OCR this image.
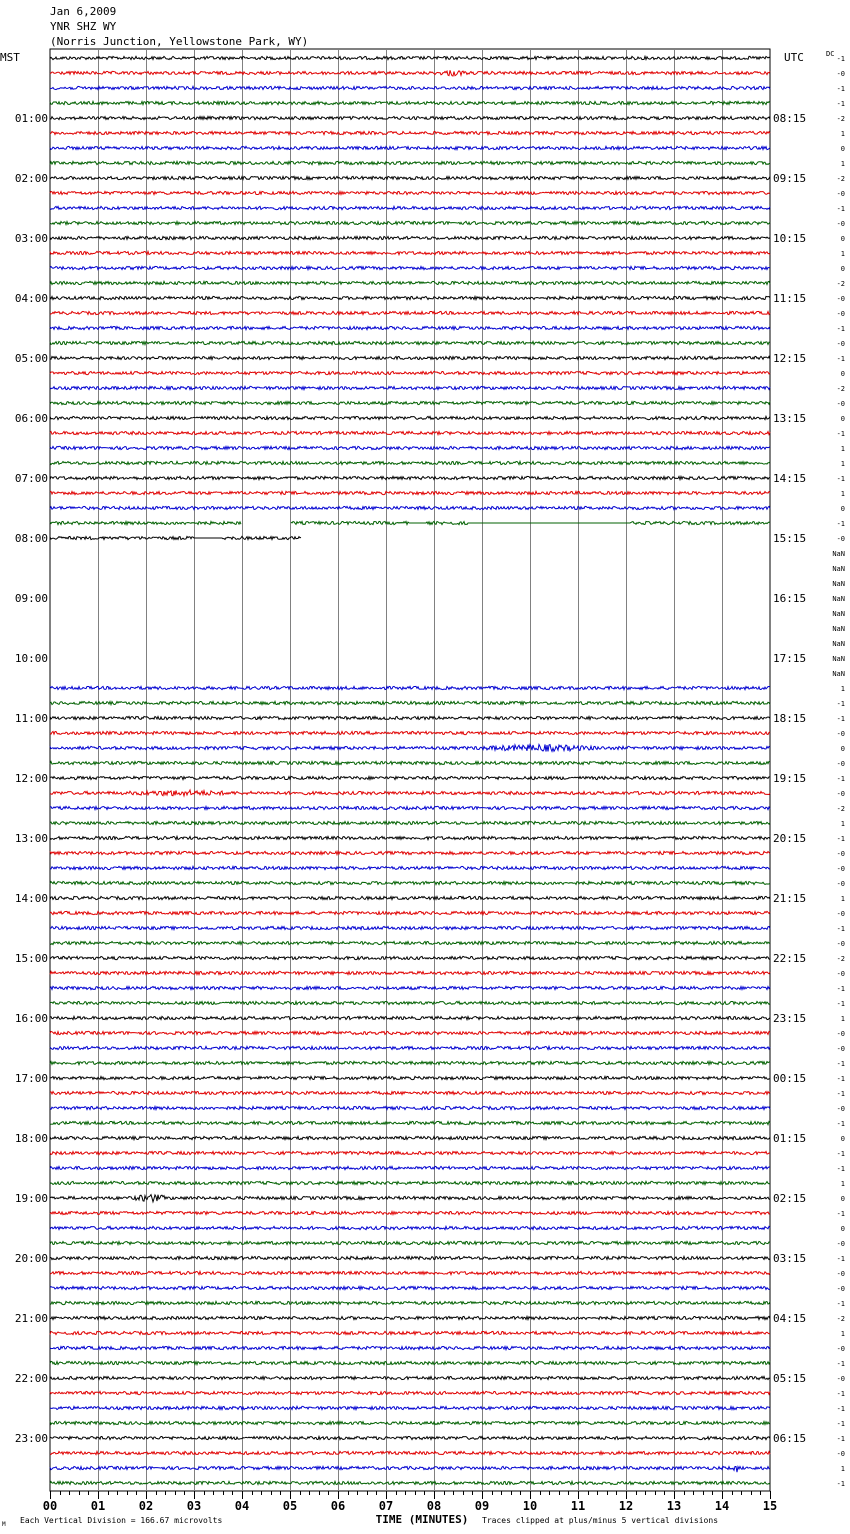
Jan 6,2009
YNR SHZ WY
(Norris Junction, Yellowstone Park, WY)
00	01	02	03	04	05	06	07	08	09	10	11	12	13	14	15
TIME (MINUTES)
Each Vertical Division = 166.67 microvolts	Traces clipped at plus/minus 5 vertical divisions
M
MST	UTC	DC
01:00
02:00
03:00
04:00
05:00
06:00
07:00
08:00
09:00
10:00
11:00
12:00
13:00
14:00
15:00
16:00
17:00
18:00
19:00
20:00
21:00
22:00
23:00
08:15
09:15
10:15
11:15
12:15
13:15
14:15
15:15
16:15
17:15
18:15
19:15
20:15
21:15
22:15
23:15
00:15
01:15
02:15
03:15
04:15
05:15
06:15
-1
-0
-1
-1
-2
1
0
1
-2
-0
-1
-0
0
1
0
-2
-0
-0
-1
-0
-1
0
-2
-0
0
-1
1
1
-1
1
0
-1
-0
NaN
NaN
NaN
NaN
NaN
NaN
NaN
NaN
NaN
1
-1
-1
-0
0
-0
-1
-0
-2
1
-1
-0
-0
-0
1
-0
-1
-0
-2
-0
-1
-1
1
-0
-0
-1
-1
-1
-0
-1
0
-1
-1
1
0
-1
0
-0
-1
-0
-0
-1
-2
1
-0
-1
-0
-1
-1
-1
-1
-0
1
-1
